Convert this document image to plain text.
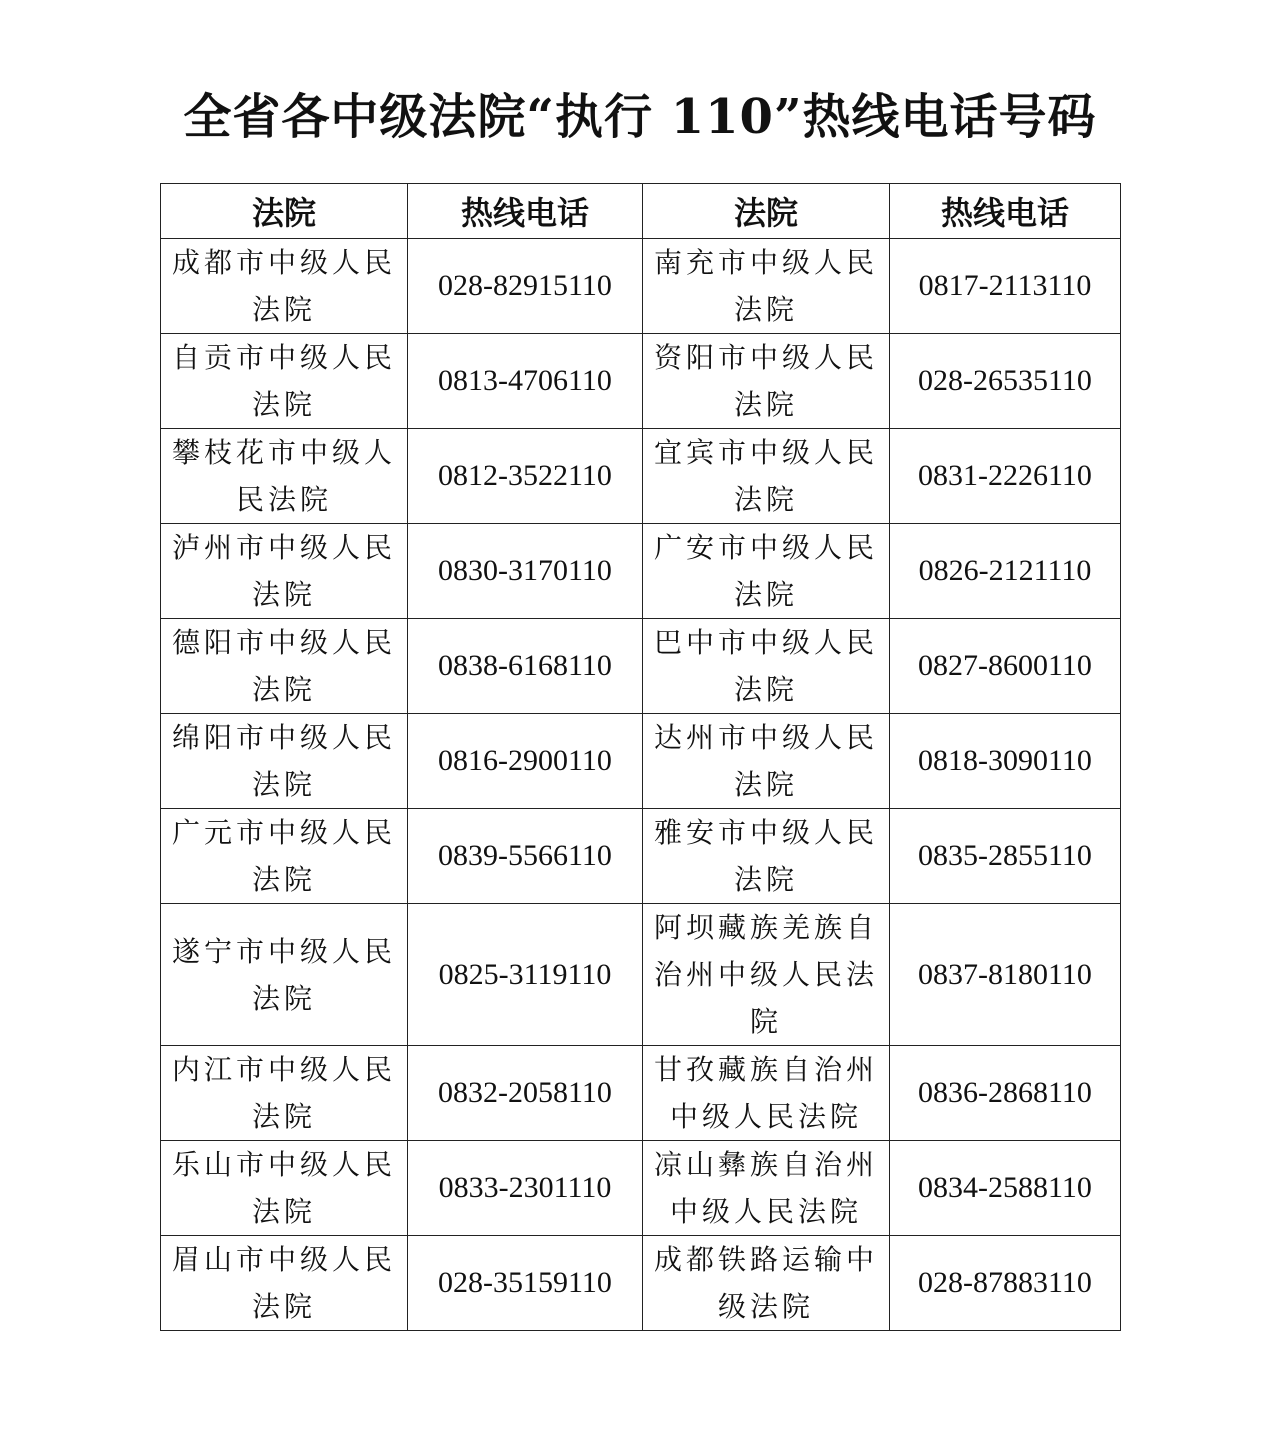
全省各中级法院“执行 110”热线电话号码
法院	热线电话	法院	热线电话
成都市中级人民法院	028-82915110	南充市中级人民法院	0817-2113110
自贡市中级人民法院	0813-4706110	资阳市中级人民法院	028-26535110
攀枝花市中级人民法院	0812-3522110	宜宾市中级人民法院	0831-2226110
泸州市中级人民法院	0830-3170110	广安市中级人民法院	0826-2121110
德阳市中级人民法院	0838-6168110	巴中市中级人民法院	0827-8600110
绵阳市中级人民法院	0816-2900110	达州市中级人民法院	0818-3090110
广元市中级人民法院	0839-5566110	雅安市中级人民法院	0835-2855110
遂宁市中级人民法院	0825-3119110	阿坝藏族羌族自治州中级人民法院	0837-8180110
内江市中级人民法院	0832-2058110	甘孜藏族自治州中级人民法院	0836-2868110
乐山市中级人民法院	0833-2301110	凉山彝族自治州中级人民法院	0834-2588110
眉山市中级人民法院	028-35159110	成都铁路运输中级法院	028-87883110
